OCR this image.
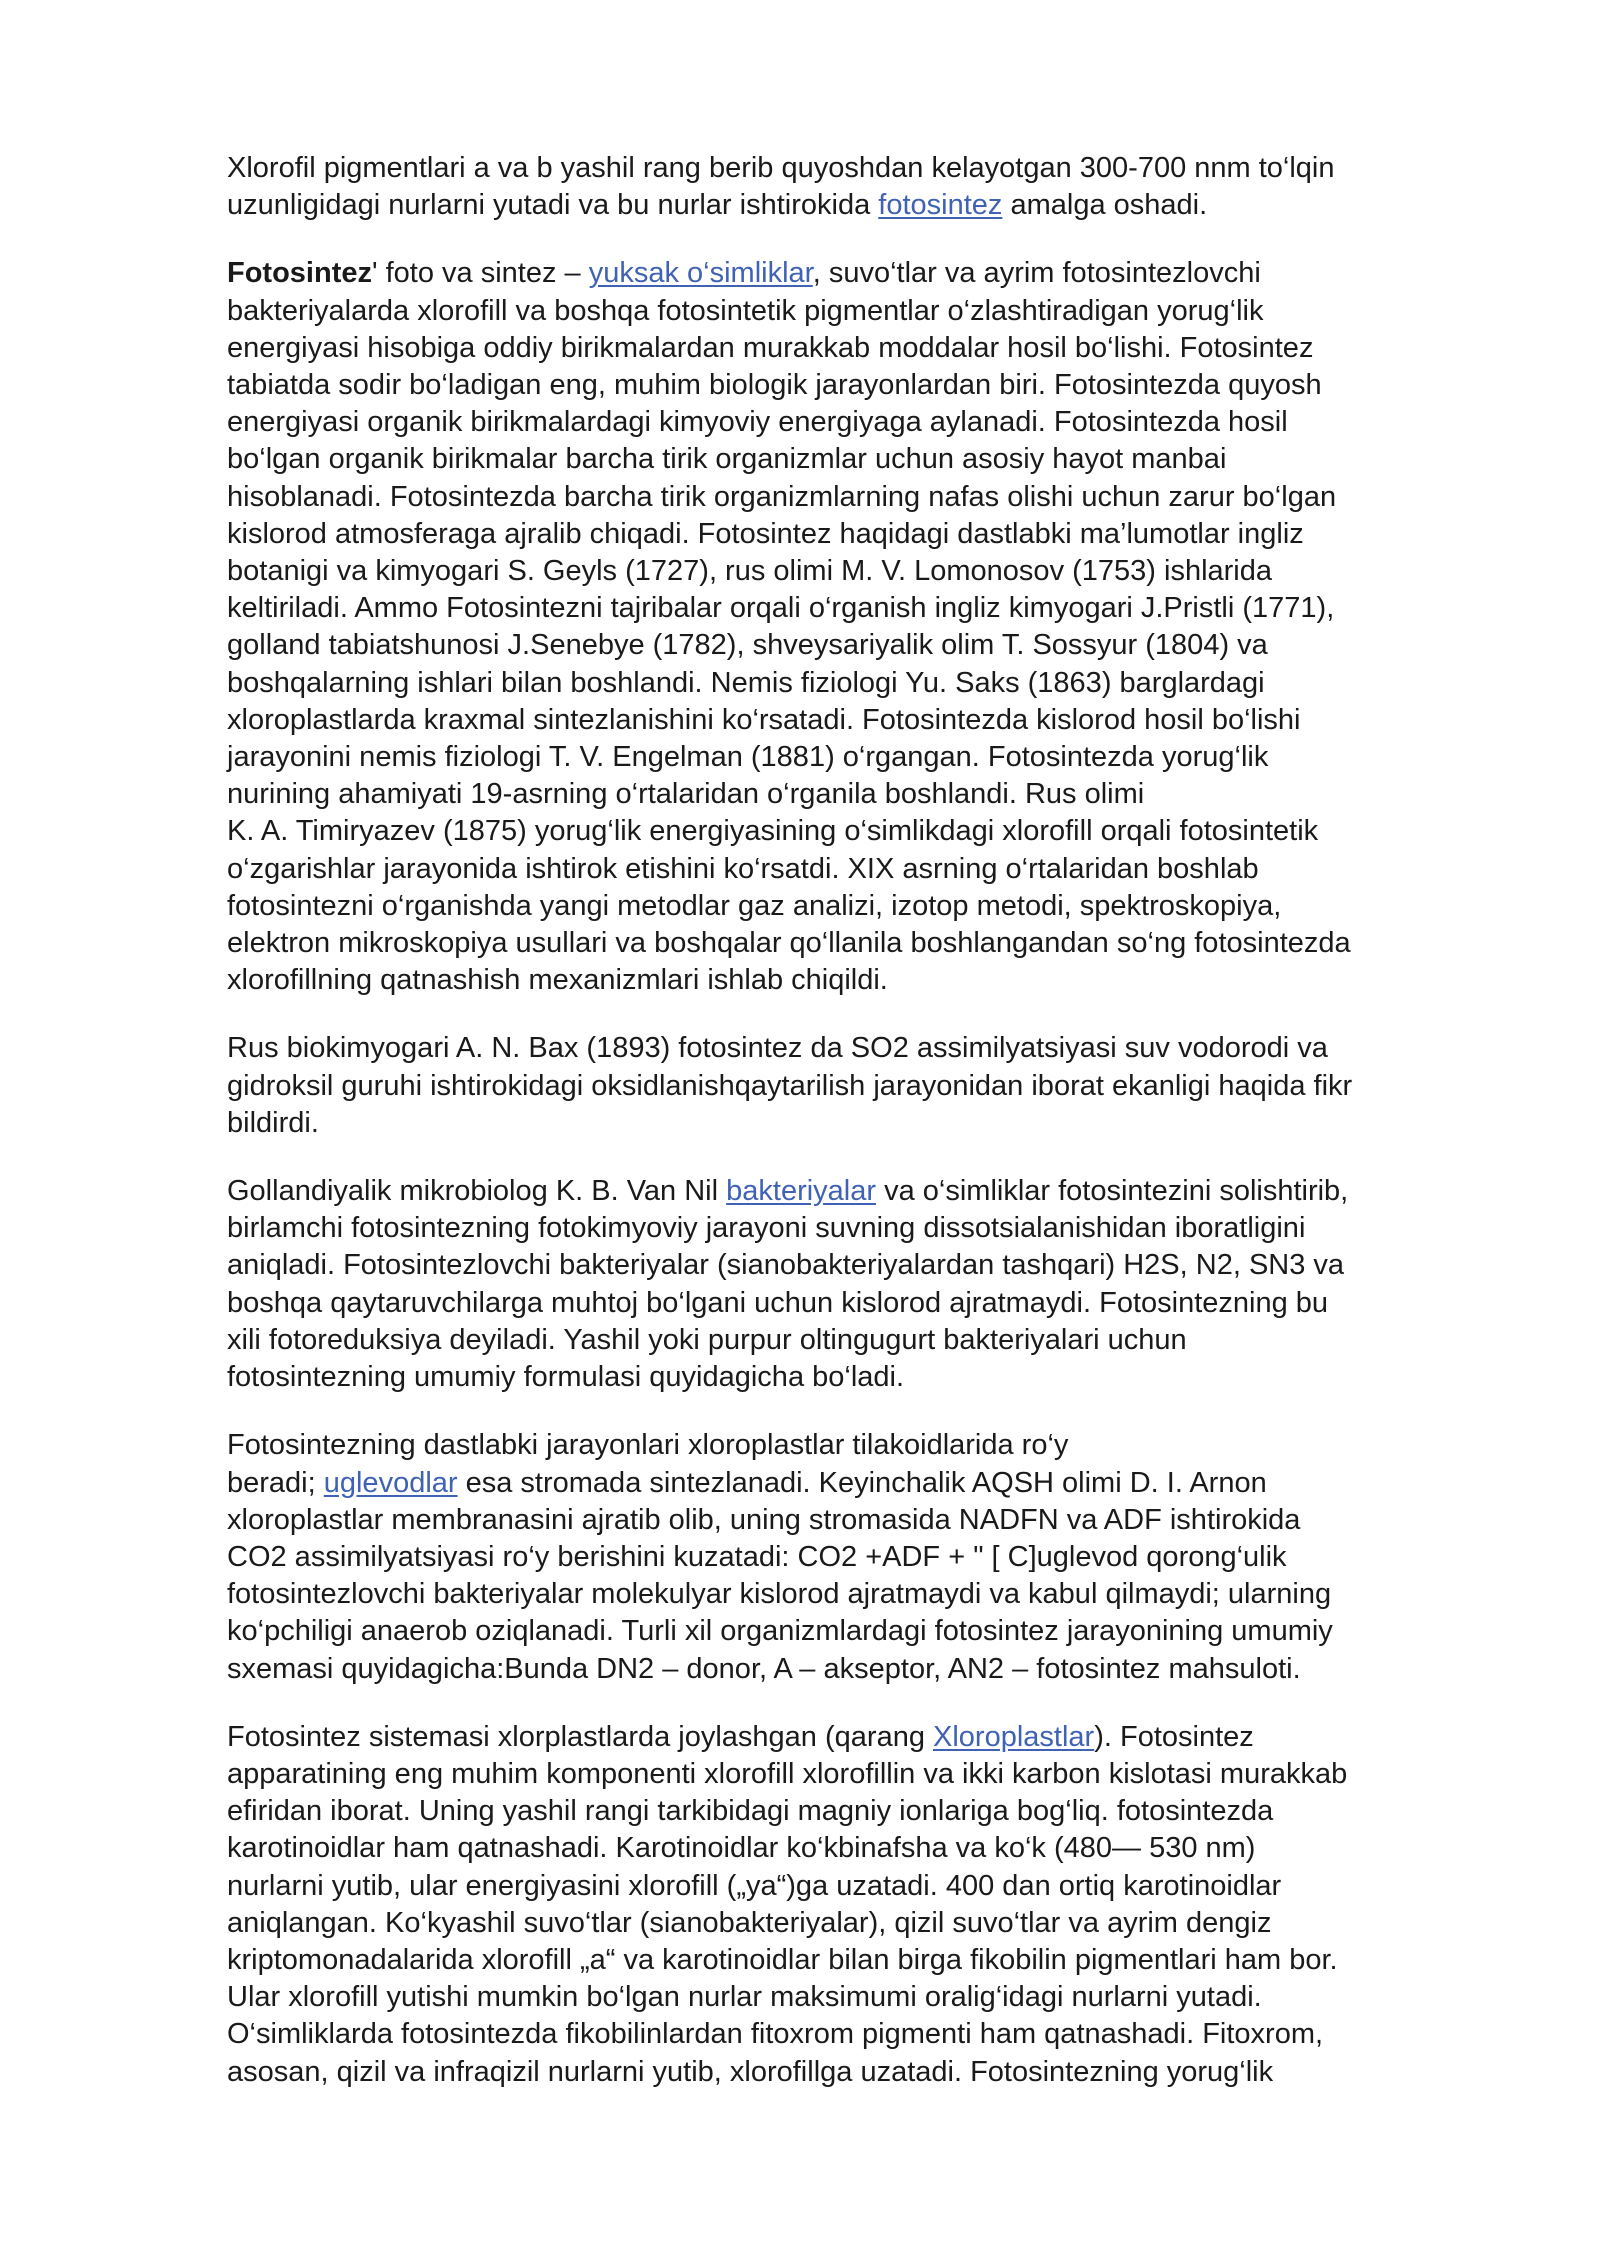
Xlorofil pigmentlari a va b yashil rang berib quyoshdan kelayotgan 300-700 nnm to‘lqin
uzunligidagi nurlarni yutadi va bu nurlar ishtirokida fotosintez amalga oshadi.

Fotosintez' foto va sintez – yuksak o‘simliklar, suvo‘tlar va ayrim fotosintezlovchi
bakteriyalarda xlorofill va boshqa fotosintetik pigmentlar o‘zlashtiradigan yorug‘lik
energiyasi hisobiga oddiy birikmalardan murakkab moddalar hosil bo‘lishi. Fotosintez
tabiatda sodir bo‘ladigan eng, muhim biologik jarayonlardan biri. Fotosintezda quyosh
energiyasi organik birikmalardagi kimyoviy energiyaga aylanadi. Fotosintezda hosil
bo‘lgan organik birikmalar barcha tirik organizmlar uchun asosiy hayot manbai
hisoblanadi. Fotosintezda barcha tirik organizmlarning nafas olishi uchun zarur bo‘lgan
kislorod atmosferaga ajralib chiqadi. Fotosintez haqidagi dastlabki ma’lumotlar ingliz
botanigi va kimyogari S. Geyls (1727), rus olimi M. V. Lomonosov (1753) ishlarida
keltiriladi. Ammo Fotosintezni tajribalar orqali o‘rganish ingliz kimyogari J.Pristli (1771),
golland tabiatshunosi J.Senebye (1782), shveysariyalik olim T. Sossyur (1804) va
boshqalarning ishlari bilan boshlandi. Nemis fiziologi Yu. Saks (1863) barglardagi
xloroplastlarda kraxmal sintezlanishini ko‘rsatadi. Fotosintezda kislorod hosil bo‘lishi
jarayonini nemis fiziologi T. V. Engelman (1881) o‘rgangan. Fotosintezda yorug‘lik
nurining ahamiyati 19-asrning o‘rtalaridan o‘rganila boshlandi. Rus olimi
K. A. Timiryazev (1875) yorug‘lik energiyasining o‘simlikdagi xlorofill orqali fotosintetik
o‘zgarishlar jarayonida ishtirok etishini ko‘rsatdi. XIX asrning o‘rtalaridan boshlab
fotosintezni o‘rganishda yangi metodlar gaz analizi, izotop metodi, spektroskopiya,
elektron mikroskopiya usullari va boshqalar qo‘llanila boshlangandan so‘ng fotosintezda
xlorofillning qatnashish mexanizmlari ishlab chiqildi.

Rus biokimyogari A. N. Bax (1893) fotosintez da SO2 assimilyatsiyasi suv vodorodi va
gidroksil guruhi ishtirokidagi oksidlanishqaytarilish jarayonidan iborat ekanligi haqida fikr
bildirdi.

Gollandiyalik mikrobiolog K. B. Van Nil bakteriyalar va o‘simliklar fotosintezini solishtirib,
birlamchi fotosintezning fotokimyoviy jarayoni suvning dissotsialanishidan iboratligini
aniqladi. Fotosintezlovchi bakteriyalar (sianobakteriyalardan tashqari) H2S, N2, SN3 va
boshqa qaytaruvchilarga muhtoj bo‘lgani uchun kislorod ajratmaydi. Fotosintezning bu
xili fotoreduksiya deyiladi. Yashil yoki purpur oltingugurt bakteriyalari uchun
fotosintezning umumiy formulasi quyidagicha bo‘ladi.

Fotosintezning dastlabki jarayonlari xloroplastlar tilakoidlarida ro‘y
beradi; uglevodlar esa stromada sintezlanadi. Keyinchalik AQSH olimi D. I. Arnon
xloroplastlar membranasini ajratib olib, uning stromasida NADFN va ADF ishtirokida
CO2 assimilyatsiyasi ro‘y berishini kuzatadi: CO2 +ADF + " [ C]uglevod qorong‘ulik
fotosintezlovchi bakteriyalar molekulyar kislorod ajratmaydi va kabul qilmaydi; ularning
ko‘pchiligi anaerob oziqlanadi. Turli xil organizmlardagi fotosintez jarayonining umumiy
sxemasi quyidagicha:Bunda DN2 – donor, A – akseptor, AN2 – fotosintez mahsuloti.

Fotosintez sistemasi xlorplastlarda joylashgan (qarang Xloroplastlar). Fotosintez
apparatining eng muhim komponenti xlorofill xlorofillin va ikki karbon kislotasi murakkab
efiridan iborat. Uning yashil rangi tarkibidagi magniy ionlariga bog‘liq. fotosintezda
karotinoidlar ham qatnashadi. Karotinoidlar ko‘kbinafsha va ko‘k (480— 530 nm)
nurlarni yutib, ular energiyasini xlorofill („ya“)ga uzatadi. 400 dan ortiq karotinoidlar
aniqlangan. Ko‘kyashil suvo‘tlar (sianobakteriyalar), qizil suvo‘tlar va ayrim dengiz
kriptomonadalarida xlorofill „a“ va karotinoidlar bilan birga fikobilin pigmentlari ham bor.
Ular xlorofill yutishi mumkin bo‘lgan nurlar maksimumi oralig‘idagi nurlarni yutadi.
O‘simliklarda fotosintezda fikobilinlardan fitoxrom pigmenti ham qatnashadi. Fitoxrom,
asosan, qizil va infraqizil nurlarni yutib, xlorofillga uzatadi. Fotosintezning yorug‘lik
